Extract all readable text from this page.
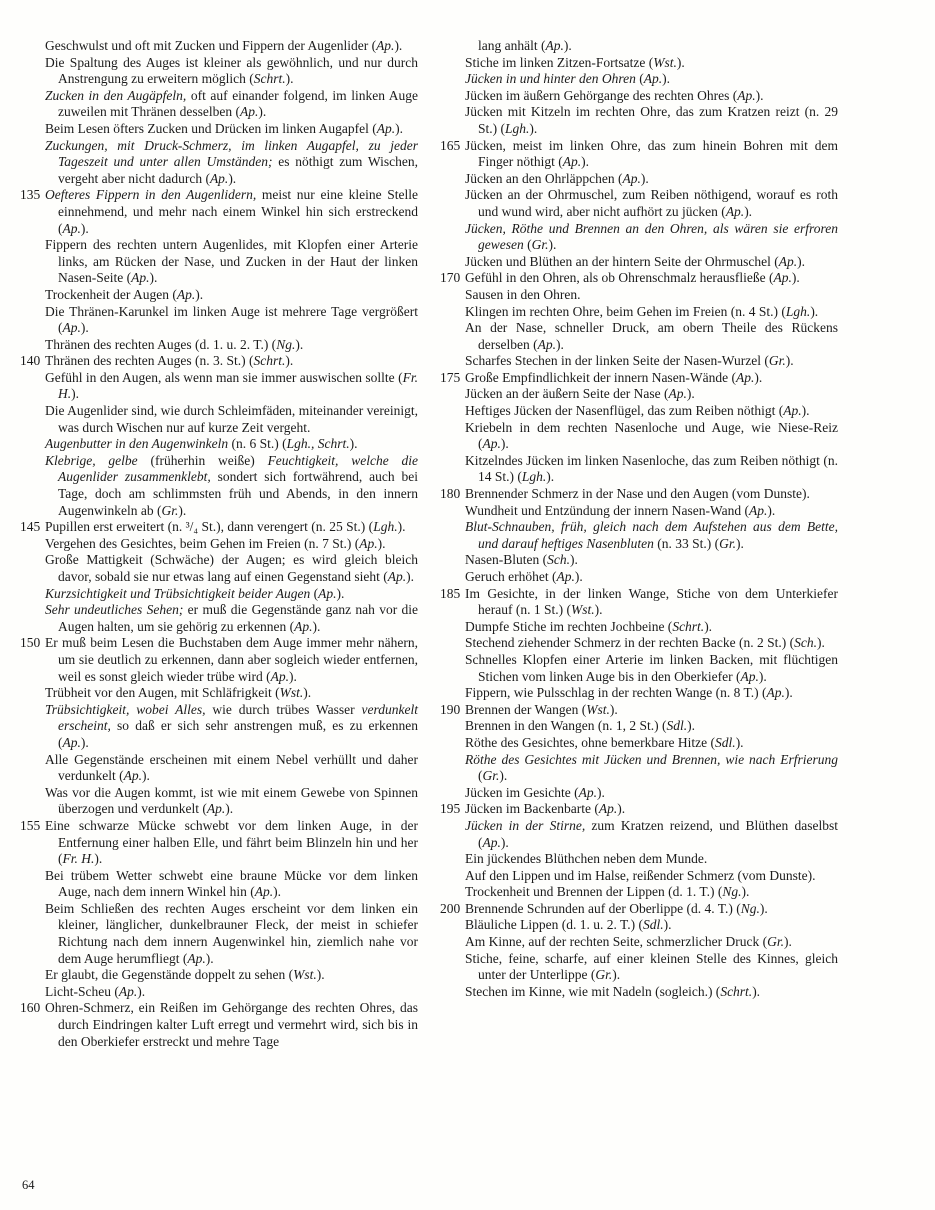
Geschwulst und oft mit Zucken und Fippern der Augenlider (Ap.).

Die Spaltung des Auges ist kleiner als gewöhnlich, und nur durch Anstrengung zu erweitern möglich (Schrt.).

Zucken in den Augäpfeln, oft auf einander folgend, im linken Auge zuweilen mit Thränen desselben (Ap.).

Beim Lesen öfters Zucken und Drücken im linken Augapfel (Ap.).

Zuckungen, mit Druck-Schmerz, im linken Augapfel, zu jeder Tageszeit und unter allen Umständen; es nöthigt zum Wischen, vergeht aber nicht dadurch (Ap.).

135 Oefteres Fippern in den Augenlidern, meist nur eine kleine Stelle einnehmend, und mehr nach einem Winkel hin sich erstreckend (Ap.).

Fippern des rechten untern Augenlides, mit Klopfen einer Arterie links, am Rücken der Nase, und Zucken in der Haut der linken Nasen-Seite (Ap.).

Trockenheit der Augen (Ap.).

Die Thränen-Karunkel im linken Auge ist mehrere Tage vergrößert (Ap.).

Thränen des rechten Auges (d. 1. u. 2. T.) (Ng.).

140 Thränen des rechten Auges (n. 3. St.) (Schrt.).

Gefühl in den Augen, als wenn man sie immer auswischen sollte (Fr. H.).

Die Augenlider sind, wie durch Schleimfäden, miteinander vereinigt, was durch Wischen nur auf kurze Zeit vergeht.

Augenbutter in den Augenwinkeln (n. 6 St.) (Lgh., Schrt.).

Klebrige, gelbe (früherhin weiße) Feuchtigkeit, welche die Augenlider zusammenklebt, sondert sich fortwährend, auch bei Tage, doch am schlimmsten früh und Abends, in den innern Augenwinkeln ab (Gr.).

145 Pupillen erst erweitert (n. ³/₄ St.), dann verengert (n. 25 St.) (Lgh.).

Vergehen des Gesichtes, beim Gehen im Freien (n. 7 St.) (Ap.).

Große Mattigkeit (Schwäche) der Augen; es wird gleich bleich davor, sobald sie nur etwas lang auf einen Gegenstand sieht (Ap.).

Kurzsichtigkeit und Trübsichtigkeit beider Augen (Ap.).

Sehr undeutliches Sehen; er muß die Gegenstände ganz nah vor die Augen halten, um sie gehörig zu erkennen (Ap.).

150 Er muß beim Lesen die Buchstaben dem Auge immer mehr nähern, um sie deutlich zu erkennen, dann aber sogleich wieder entfernen, weil es sonst gleich wieder trübe wird (Ap.).

Trübheit vor den Augen, mit Schläfrigkeit (Wst.).

Trübsichtigkeit, wobei Alles, wie durch trübes Wasser verdunkelt erscheint, so daß er sich sehr anstrengen muß, es zu erkennen (Ap.).

Alle Gegenstände erscheinen mit einem Nebel verhüllt und daher verdunkelt (Ap.).

Was vor die Augen kommt, ist wie mit einem Gewebe von Spinnen überzogen und verdunkelt (Ap.).

155 Eine schwarze Mücke schwebt vor dem linken Auge, in der Entfernung einer halben Elle, und fährt beim Blinzeln hin und her (Fr. H.).

Bei trübem Wetter schwebt eine braune Mücke vor dem linken Auge, nach dem innern Winkel hin (Ap.).

Beim Schließen des rechten Auges erscheint vor dem linken ein kleiner, länglicher, dunkelbrauner Fleck, der meist in schiefer Richtung nach dem innern Augenwinkel hin, ziemlich nahe vor dem Auge herumfliegt (Ap.).

Er glaubt, die Gegenstände doppelt zu sehen (Wst.).

Licht-Scheu (Ap.).

160 Ohren-Schmerz, ein Reißen im Gehörgange des rechten Ohres, das durch Eindringen kalter Luft erregt und vermehrt wird, sich bis in den Oberkiefer erstreckt und mehre Tage

lang anhält (Ap.).

Stiche im linken Zitzen-Fortsatze (Wst.).

Jücken in und hinter den Ohren (Ap.).

Jücken im äußern Gehörgange des rechten Ohres (Ap.).

Jücken mit Kitzeln im rechten Ohre, das zum Kratzen reizt (n. 29 St.) (Lgh.).

165 Jücken, meist im linken Ohre, das zum hinein Bohren mit dem Finger nöthigt (Ap.).

Jücken an den Ohrläppchen (Ap.).

Jücken an der Ohrmuschel, zum Reiben nöthigend, worauf es roth und wund wird, aber nicht aufhört zu jücken (Ap.).

Jücken, Röthe und Brennen an den Ohren, als wären sie erfroren gewesen (Gr.).

Jücken und Blüthen an der hintern Seite der Ohrmuschel (Ap.).

170 Gefühl in den Ohren, als ob Ohrenschmalz herausfließe (Ap.).

Sausen in den Ohren.

Klingen im rechten Ohre, beim Gehen im Freien (n. 4 St.) (Lgh.).

An der Nase, schneller Druck, am obern Theile des Rückens derselben (Ap.).

Scharfes Stechen in der linken Seite der Nasen-Wurzel (Gr.).

175 Große Empfindlichkeit der innern Nasen-Wände (Ap.).

Jücken an der äußern Seite der Nase (Ap.).

Heftiges Jücken der Nasenflügel, das zum Reiben nöthigt (Ap.).

Kriebeln in dem rechten Nasenloche und Auge, wie Niese-Reiz (Ap.).

Kitzelndes Jücken im linken Nasenloche, das zum Reiben nöthigt (n. 14 St.) (Lgh.).

180 Brennender Schmerz in der Nase und den Augen (vom Dunste).

Wundheit und Entzündung der innern Nasen-Wand (Ap.).

Blut-Schnauben, früh, gleich nach dem Aufstehen aus dem Bette, und darauf heftiges Nasenbluten (n. 33 St.) (Gr.).

Nasen-Bluten (Sch.).

Geruch erhöhet (Ap.).

185 Im Gesichte, in der linken Wange, Stiche von dem Unterkiefer herauf (n. 1 St.) (Wst.).

Dumpfe Stiche im rechten Jochbeine (Schrt.).

Stechend ziehender Schmerz in der rechten Backe (n. 2 St.) (Sch.).

Schnelles Klopfen einer Arterie im linken Backen, mit flüchtigen Stichen vom linken Auge bis in den Oberkiefer (Ap.).

Fippern, wie Pulsschlag in der rechten Wange (n. 8 T.) (Ap.).

190 Brennen der Wangen (Wst.).

Brennen in den Wangen (n. 1, 2 St.) (Sdl.).

Röthe des Gesichtes, ohne bemerkbare Hitze (Sdl.).

Röthe des Gesichtes mit Jücken und Brennen, wie nach Erfrierung (Gr.).

Jücken im Gesichte (Ap.).

195 Jücken im Backenbarte (Ap.).

Jücken in der Stirne, zum Kratzen reizend, und Blüthen daselbst (Ap.).

Ein jückendes Blüthchen neben dem Munde.

Auf den Lippen und im Halse, reißender Schmerz (vom Dunste).

Trockenheit und Brennen der Lippen (d. 1. T.) (Ng.).

200 Brennende Schrunden auf der Oberlippe (d. 4. T.) (Ng.).

Bläuliche Lippen (d. 1. u. 2. T.) (Sdl.).

Am Kinne, auf der rechten Seite, schmerzlicher Druck (Gr.).

Stiche, feine, scharfe, auf einer kleinen Stelle des Kinnes, gleich unter der Unterlippe (Gr.).

Stechen im Kinne, wie mit Nadeln (sogleich.) (Schrt.).

64
